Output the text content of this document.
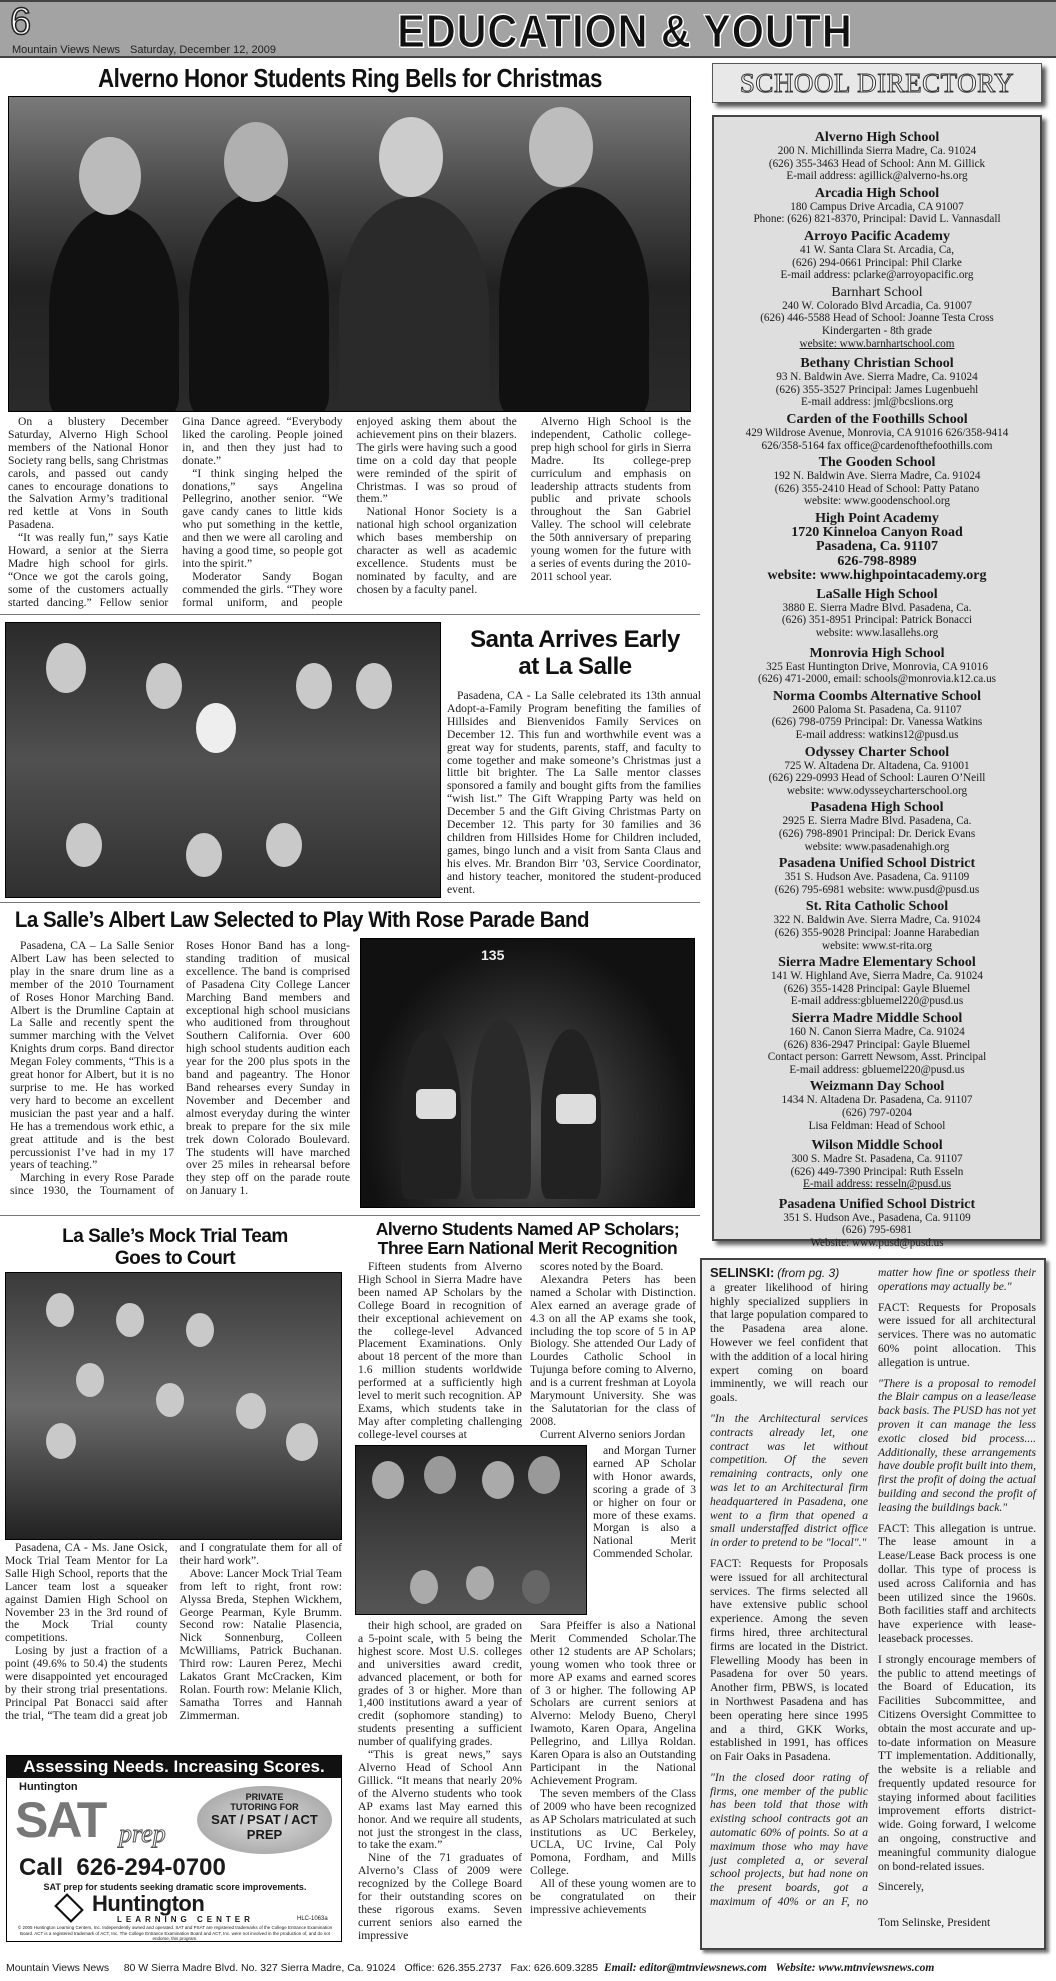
6
Mountain Views News Saturday, December 12, 2009	EDUCATION & YOUTH
Alverno Honor Students Ring Bells for Christmas

On a blustery December Saturday, Alverno High School members of the National Honor Society rang bells, sang Christmas carols, and passed out candy canes to encourage donations to the Salvation Army’s traditional red kettle at Vons in South Pasadena.

“It was really fun,” says Katie Howard, a senior at the Sierra Madre high school for girls. “Once we got the carols going, some of the customers actually started dancing.” Fellow senior Gina Dance agreed. “Everybody liked the caroling. People joined in, and then they just had to donate.”

“I think singing helped the donations,” says Angelina Pellegrino, another senior. “We gave candy canes to little kids who put something in the kettle, and then we were all caroling and having a good time, so people got into the spirit.”

Moderator Sandy Bogan commended the girls. “They wore formal uniform, and people enjoyed asking them about the achievement pins on their blazers. The girls were having such a good time on a cold day that people were reminded of the spirit of Christmas. I was so proud of them.”

National Honor Society is a national high school organization which bases membership on character as well as academic excellence. Students must be nominated by faculty, and are chosen by a faculty panel.

Alverno High School is the independent, Catholic college-prep high school for girls in Sierra Madre. Its college-prep curriculum and emphasis on leadership attracts students from public and private schools throughout the San Gabriel Valley. The school will celebrate the 50th anniversary of preparing young women for the future with a series of events during the 2010-2011 school year.

Santa Arrives Early
at La Salle

Pasadena, CA - La Salle celebrated its 13th annual Adopt-a-Family Program benefiting the families of Hillsides and Bienvenidos Family Services on December 12. This fun and worthwhile event was a great way for students, parents, staff, and faculty to come together and make someone’s Christmas just a little bit brighter. The La Salle mentor classes sponsored a family and bought gifts from the families “wish list.” The Gift Wrapping Party was held on December 5 and the Gift Giving Christmas Party on December 12. This party for 30 families and 36 children from Hillsides Home for Children included, games, bingo lunch and a visit from Santa Claus and his elves. Mr. Brandon Birr ’03, Service Coordinator, and history teacher, monitored the student-produced event.

La Salle’s Albert Law Selected to Play With Rose Parade Band

Pasadena, CA – La Salle Senior Albert Law has been selected to play in the snare drum line as a member of the 2010 Tournament of Roses Honor Marching Band. Albert is the Drumline Captain at La Salle and recently spent the summer marching with the Velvet Knights drum corps. Band director Megan Foley comments, “This is a great honor for Albert, but it is no surprise to me. He has worked very hard to become an excellent musician the past year and a half. He has a tremendous work ethic, a great attitude and is the best percussionist I’ve had in my 17 years of teaching.”

Marching in every Rose Parade since 1930, the Tournament of Roses Honor Band has a long-standing tradition of musical excellence. The band is comprised of Pasadena City College Lancer Marching Band members and exceptional high school musicians who auditioned from throughout Southern California. Over 600 high school students audition each year for the 200 plus spots in the band and pageantry. The Honor Band rehearses every Sunday in November and December and almost everyday during the winter break to prepare for the six mile trek down Colorado Boulevard. The students will have marched over 25 miles in rehearsal before they step off on the parade route on January 1.

135
La Salle’s Mock Trial Team
Goes to Court

Pasadena, CA - Ms. Jane Osick, Mock Trial Team Mentor for La Salle High School, reports that the Lancer team lost a squeaker against Damien High School on November 23 in the 3rd round of the Mock Trial county competitions.

Losing by just a fraction of a point (49.6% to 50.4) the students were disappointed yet encouraged by their strong trial presentations. Principal Pat Bonacci said after the trial, “The team did a great job and I congratulate them for all of their hard work”.

Above: Lancer Mock Trial Team from left to right, front row: Alyssa Breda, Stephen Wickhem, George Pearman, Kyle Brumm. Second row: Natalie Plasencia, Nick Sonnenburg, Colleen McWilliams, Patrick Buchanan. Third row: Lauren Perez, Mechi Lakatos Grant McCracken, Kim Rolan. Fourth row: Melanie Klich, Samatha Torres and Hannah Zimmerman.

Assessing Needs. Increasing Scores.
Huntington
SAT prep
PRIVATE
TUTORING FOR
SAT / PSAT / ACT
PREP
Call 626-294-0700
SAT prep for students seeking dramatic score improvements.
Huntington
LEARNING CENTER	HLC-1063a
© 2005 Huntington Learning Centers, Inc. Independently owned and operated. SAT and PSAT are registered trademarks of the College Entrance Examination Board. ACT is a registered trademark of ACT, Inc. The College Entrance Examination Board and ACT, Inc. were not involved in the production of, and do not endorse, this program.
Alverno Students Named AP Scholars;
Three Earn National Merit Recognition

Fifteen students from Alverno High School in Sierra Madre have been named AP Scholars by the College Board in recognition of their exceptional achievement on the college-level Advanced Placement Examinations. Only about 18 percent of the more than 1.6 million students worldwide performed at a sufficiently high level to merit such recognition. AP Exams, which students take in May after completing challenging college-level courses at

scores noted by the Board.

Alexandra Peters has been named a Scholar with Distinction. Alex earned an average grade of 4.3 on all the AP exams she took, including the top score of 5 in AP Biology. She attended Our Lady of Lourdes Catholic School in Tujunga before coming to Alverno, and is a current freshman at Loyola Marymount University. She was the Salutatorian for the class of 2008.

Current Alverno seniors Jordan

and Morgan Turner earned AP Scholar with Honor awards, scoring a grade of 3 or higher on four or more of these exams. Morgan is also a National Merit Commended Scholar.

their high school, are graded on a 5-point scale, with 5 being the highest score. Most U.S. colleges and universities award credit, advanced placement, or both for grades of 3 or higher. More than 1,400 institutions award a year of credit (sophomore standing) to students presenting a sufficient number of qualifying grades.

“This is great news,” says Alverno Head of School Ann Gillick. “It means that nearly 20% of the Alverno students who took AP exams last May earned this honor. And we require all students, not just the strongest in the class, to take the exam.”

Nine of the 71 graduates of Alverno’s Class of 2009 were recognized by the College Board for their outstanding scores on these rigorous exams. Seven current seniors also earned the impressive

Sara Pfeiffer is also a National Merit Commended Scholar.The other 12 students are AP Scholars; young women who took three or more AP exams and earned scores of 3 or higher. The following AP Scholars are current seniors at Alverno: Melody Bueno, Cheryl Iwamoto, Karen Opara, Angelina Pellegrino, and Lillya Roldan. Karen Opara is also an Outstanding Participant in the National Achievement Program.

The seven members of the Class of 2009 who have been recognized as AP Scholars matriculated at such institutions as UC Berkeley, UCLA, UC Irvine, Cal Poly Pomona, Fordham, and Mills College.

All of these young women are to be congratulated on their impressive achievements

SCHOOL DIRECTORY
Alverno High School
200 N. Michillinda Sierra Madre, Ca. 91024
(626) 355-3463 Head of School: Ann M. Gillick
E-mail address: agillick@alverno-hs.org
Arcadia High School
180 Campus Drive Arcadia, CA 91007
Phone: (626) 821-8370, Principal: David L. Vannasdall
Arroyo Pacific Academy
41 W. Santa Clara St. Arcadia, Ca,
(626) 294-0661 Principal: Phil Clarke
E-mail address: pclarke@arroyopacific.org
Barnhart School
240 W. Colorado Blvd Arcadia, Ca. 91007
(626) 446-5588 Head of School: Joanne Testa Cross
Kindergarten - 8th grade
website: www.barnhartschool.com
Bethany Christian School
93 N. Baldwin Ave. Sierra Madre, Ca. 91024
(626) 355-3527 Principal: James Lugenbuehl
E-mail address: jml@bcslions.org
Carden of the Foothills School
429 Wildrose Avenue, Monrovia, CA 91016 626/358-9414
626/358-5164 fax office@cardenofthefoothills.com
The Gooden School
192 N. Baldwin Ave. Sierra Madre, Ca. 91024
(626) 355-2410 Head of School: Patty Patano
website: www.goodenschool.org
High Point Academy
1720 Kinneloa Canyon Road
Pasadena, Ca. 91107
626-798-8989
website: www.highpointacademy.org
LaSalle High School
3880 E. Sierra Madre Blvd. Pasadena, Ca.
(626) 351-8951 Principal: Patrick Bonacci
website: www.lasallehs.org
Monrovia High School
325 East Huntington Drive, Monrovia, CA 91016
(626) 471-2000, email: schools@monrovia.k12.ca.us
Norma Coombs Alternative School
2600 Paloma St. Pasadena, Ca. 91107
(626) 798-0759 Principal: Dr. Vanessa Watkins
E-mail address: watkins12@pusd.us
Odyssey Charter School
725 W. Altadena Dr. Altadena, Ca. 91001
(626) 229-0993 Head of School: Lauren O’Neill
website: www.odysseycharterschool.org
Pasadena High School
2925 E. Sierra Madre Blvd. Pasadena, Ca.
(626) 798-8901 Principal: Dr. Derick Evans
website: www.pasadenahigh.org
Pasadena Unified School District
351 S. Hudson Ave. Pasadena, Ca. 91109
(626) 795-6981 website: www.pusd@pusd.us
St. Rita Catholic School
322 N. Baldwin Ave. Sierra Madre, Ca. 91024
(626) 355-9028 Principal: Joanne Harabedian
website: www.st-rita.org
Sierra Madre Elementary School
141 W. Highland Ave, Sierra Madre, Ca. 91024
(626) 355-1428 Principal: Gayle Bluemel
E-mail address:gbluemel220@pusd.us
Sierra Madre Middle School
160 N. Canon Sierra Madre, Ca. 91024
(626) 836-2947 Principal: Gayle Bluemel
Contact person: Garrett Newsom, Asst. Principal
E-mail address: gbluemel220@pusd.us
Weizmann Day School
1434 N. Altadena Dr. Pasadena, Ca. 91107
(626) 797-0204
Lisa Feldman: Head of School
Wilson Middle School
300 S. Madre St. Pasadena, Ca. 91107
(626) 449-7390 Principal: Ruth Esseln
E-mail address: resseln@pusd.us
Pasadena Unified School District
351 S. Hudson Ave., Pasadena, Ca. 91109
(626) 795-6981
Website: www.pusd@pusd.us

SELINSKI: (from pg. 3)

a greater likelihood of hiring highly specialized suppliers in that large population compared to the Pasadena area alone. However we feel confident that with the addition of a local hiring expert coming on board imminently, we will reach our goals.

"In the Architectural services contracts already let, one contract was let without competition. Of the seven remaining contracts, only one was let to an Architectural firm headquartered in Pasadena, one went to a firm that opened a small understaffed district office in order to pretend to be "local"."

FACT: Requests for Proposals were issued for all architectural services. The firms selected all have extensive public school experience. Among the seven firms hired, three architectural firms are located in the District. Flewelling Moody has been in Pasadena for over 50 years. Another firm, PBWS, is located in Northwest Pasadena and has been operating here since 1995 and a third, GKK Works, established in 1991, has offices on Fair Oaks in Pasadena.

"In the closed door rating of firms, one member of the public has been told that those with existing school contracts got an automatic 60% of points. So at a maximum those who may have just completed a, or several school projects, but had none on the present boards, got a maximum of 40% or an F, no matter how fine or spotless their operations may actually be."

FACT: Requests for Proposals were issued for all architectural services. There was no automatic 60% point allocation. This allegation is untrue.

"There is a proposal to remodel the Blair campus on a lease/lease back basis. The PUSD has not yet proven it can manage the less exotic closed bid process.... Additionally, these arrangements have double profit built into them, first the profit of doing the actual building and second the profit of leasing the buildings back."

FACT: This allegation is untrue. The lease amount in a Lease/Lease Back process is one dollar. This type of process is used across California and has been utilized since the 1960s. Both facilities staff and architects have experience with lease-leaseback processes.

I strongly encourage members of the public to attend meetings of the Board of Education, its Facilities Subcommittee, and Citizens Oversight Committee to obtain the most accurate and up-to-date information on Measure TT implementation. Additionally, the website is a reliable and frequently updated resource for staying informed about facilities improvement efforts district-wide. Going forward, I welcome an ongoing, constructive and meaningful community dialogue on bond-related issues.

Sincerely,

Tom Selinske, President

Mountain Views News 80 W Sierra Madre Blvd. No. 327 Sierra Madre, Ca. 91024 Office: 626.355.2737 Fax: 626.609.3285 Email: editor@mtnviewsnews.com Website: www.mtnviewsnews.com
